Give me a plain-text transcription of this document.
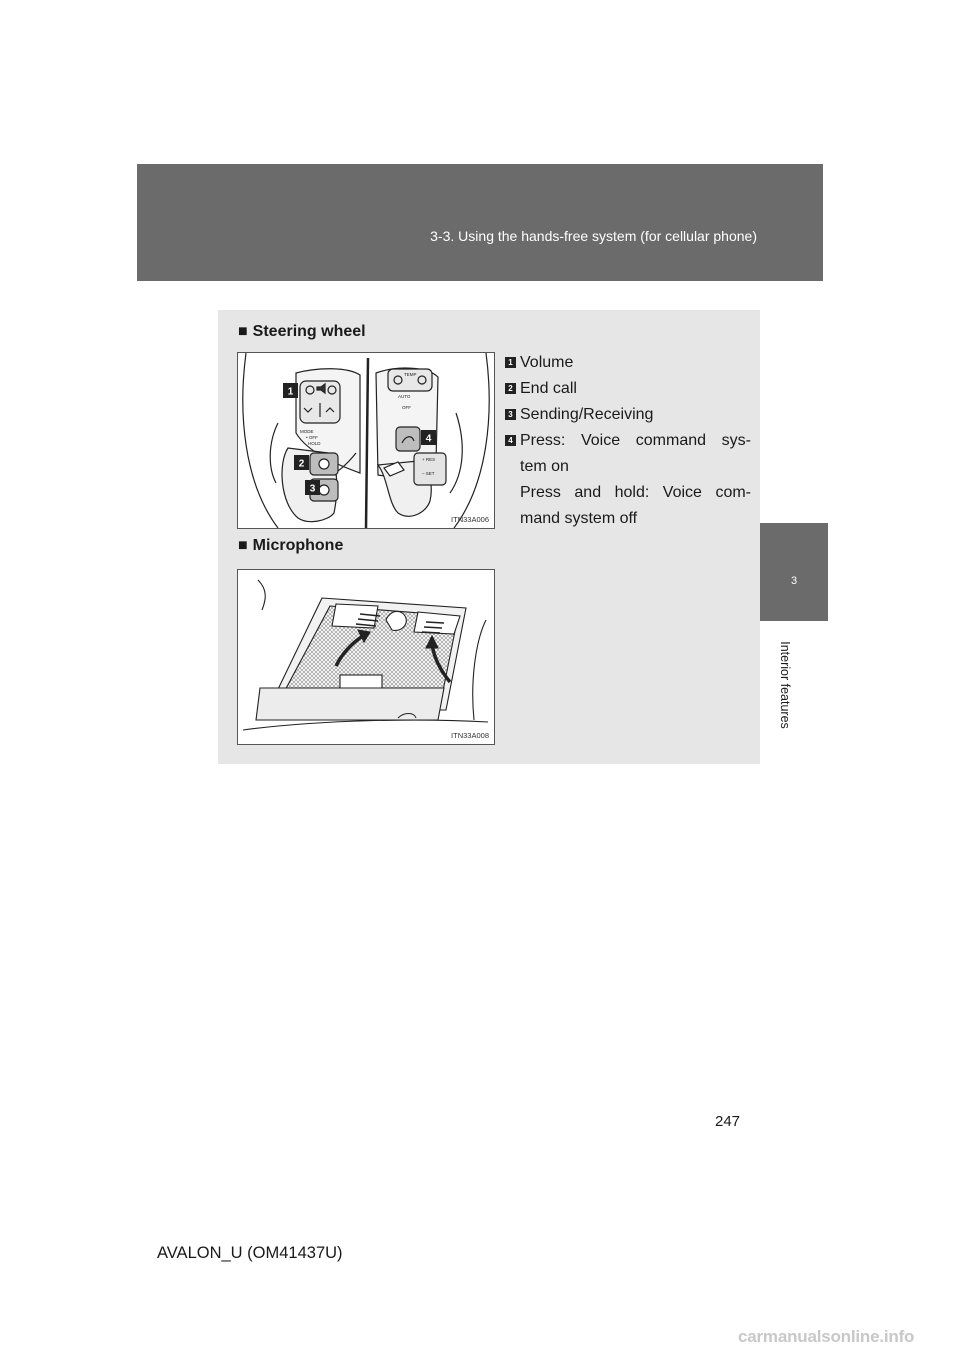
3-3. Using the hands-free system (for cellular phone)
3
Interior features
■ Steering wheel
MODE
• OFF
HOLD
AUTO
OFF
TEMP
+ RES
– SET
1
4
2
3
ITN33A006
1 Volume
2 End call
3 Sending/Receiving
4 Press: Voice command sys-
tem on
Press and hold: Voice com-
mand system off
■ Microphone
ITN33A008
247
AVALON_U (OM41437U)
carmanualsonline.info
